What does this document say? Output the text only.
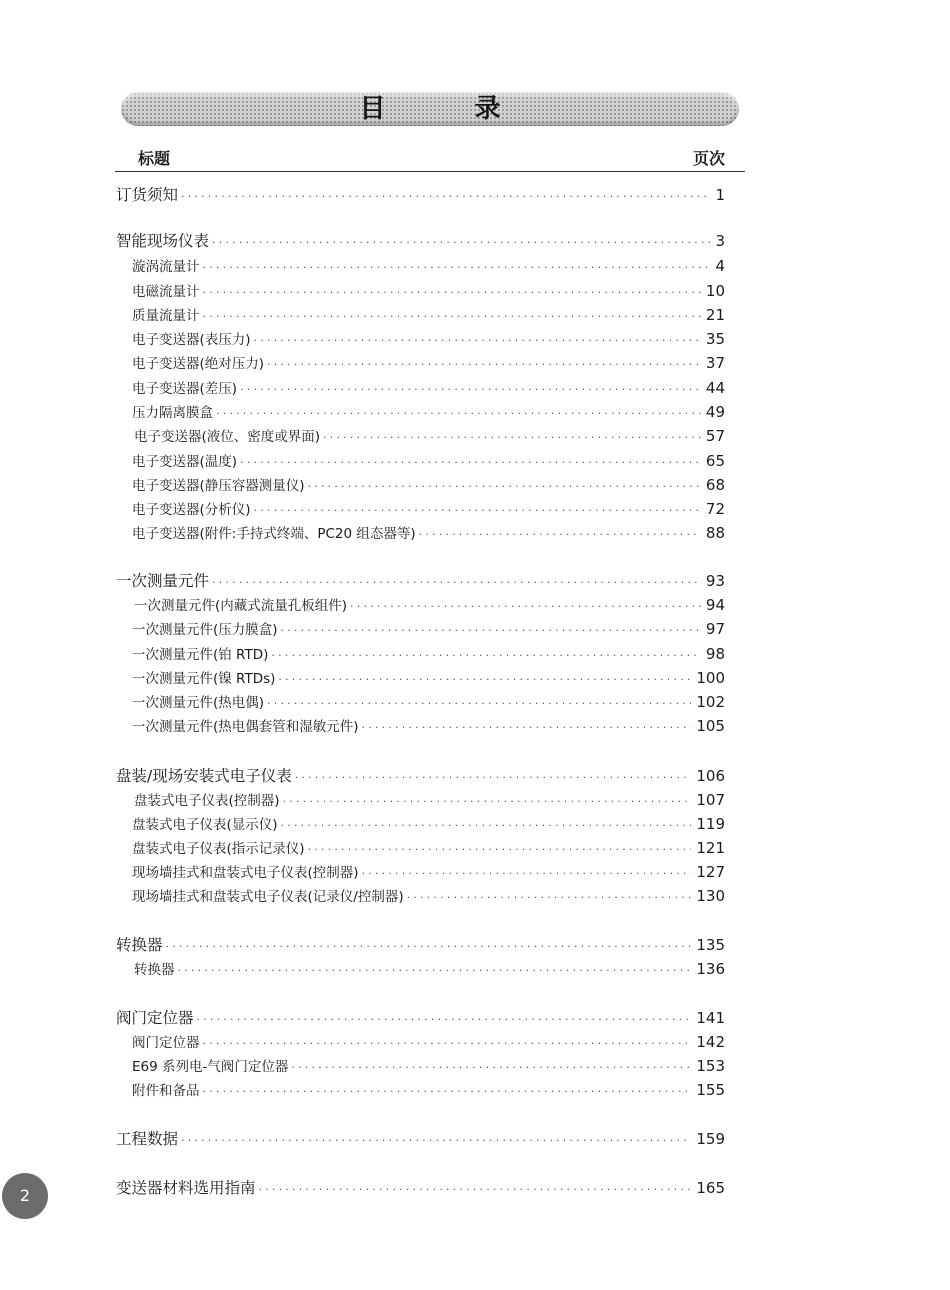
目 录
标题	页次
订货须知 ·····	1
智能现场仪表 ·····	3
漩涡流量计 ·····	4
电磁流量计 ·····	10
质量流量计 ·····	21
电子变送器(表压力) ·····	35
电子变送器(绝对压力) ·····	37
电子变送器(差压) ·····	44
压力隔离膜盒 ·····	49
电子变送器(液位、密度或界面) ·····	57
电子变送器(温度) ·····	65
电子变送器(静压容器测量仪) ·····	68
电子变送器(分析仪) ·····	72
电子变送器(附件:手持式终端、PC20 组态器等) ·····	88
一次测量元件 ·····	93
一次测量元件(内藏式流量孔板组件) ·····	94
一次测量元件(压力膜盒) ·····	97
一次测量元件(铂 RTD) ·····	98
一次测量元件(镍 RTDs) ·····	100
一次测量元件(热电偶) ·····	102
一次测量元件(热电偶套管和湿敏元件) ·····	105
盘装/现场安装式电子仪表 ·····	106
盘装式电子仪表(控制器) ·····	107
盘装式电子仪表(显示仪) ·····	119
盘装式电子仪表(指示记录仪) ·····	121
现场墙挂式和盘装式电子仪表(控制器) ·····	127
现场墙挂式和盘装式电子仪表(记录仪/控制器) ·····	130
转换器 ·····	135
转换器 ·····	136
阀门定位器 ·····	141
阀门定位器 ·····	142
E69 系列电-气阀门定位器 ·····	153
附件和备品 ·····	155
工程数据 ·····	159
变送器材料选用指南 ·····	165
2
